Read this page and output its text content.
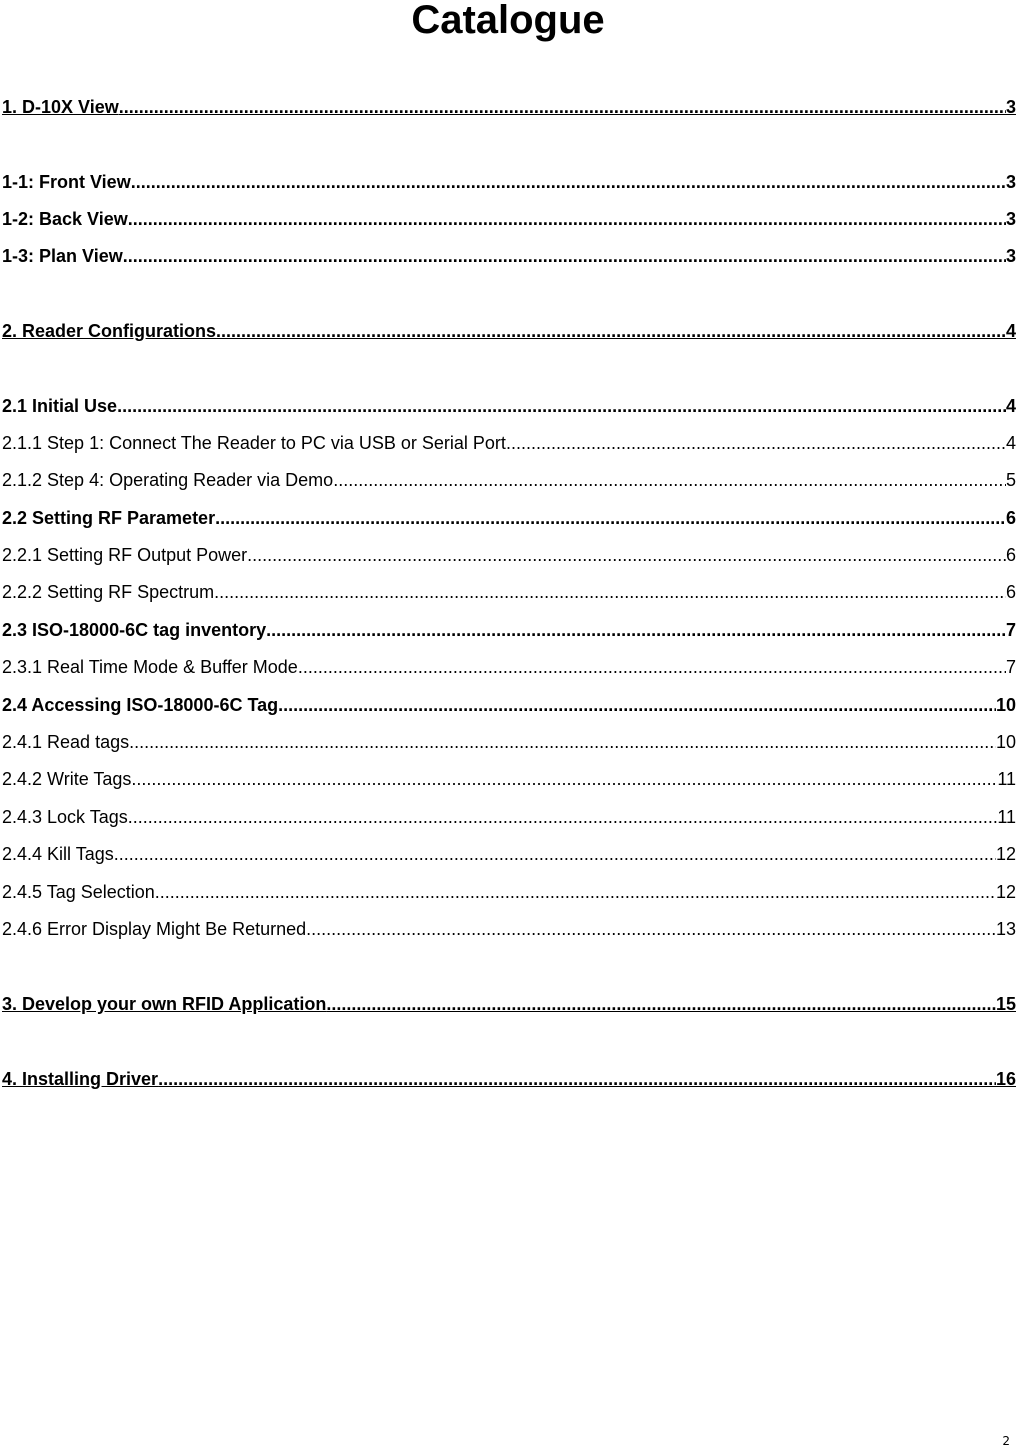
Catalogue
1. D-10X View .....	3
1-1: Front View .....	3
1-2: Back View .....	3
1-3: Plan View .....	3
2. Reader Configurations .....	4
2.1 Initial Use .....	4
2.1.1 Step 1: Connect The Reader to PC via USB or Serial Port .....	4
2.1.2 Step 4: Operating Reader via Demo .....	5
2.2 Setting RF Parameter .....	6
2.2.1 Setting RF Output Power .....	6
2.2.2 Setting RF Spectrum .....	6
2.3 ISO-18000-6C tag inventory .....	7
2.3.1 Real Time Mode & Buffer Mode .....	7
2.4 Accessing ISO-18000-6C Tag .....	10
2.4.1 Read tags .....	10
2.4.2 Write Tags .....	11
2.4.3 Lock Tags .....	11
2.4.4 Kill Tags .....	12
2.4.5 Tag Selection .....	12
2.4.6 Error Display Might Be Returned .....	13
3. Develop your own RFID Application .....	15
4. Installing Driver .....	16
2
